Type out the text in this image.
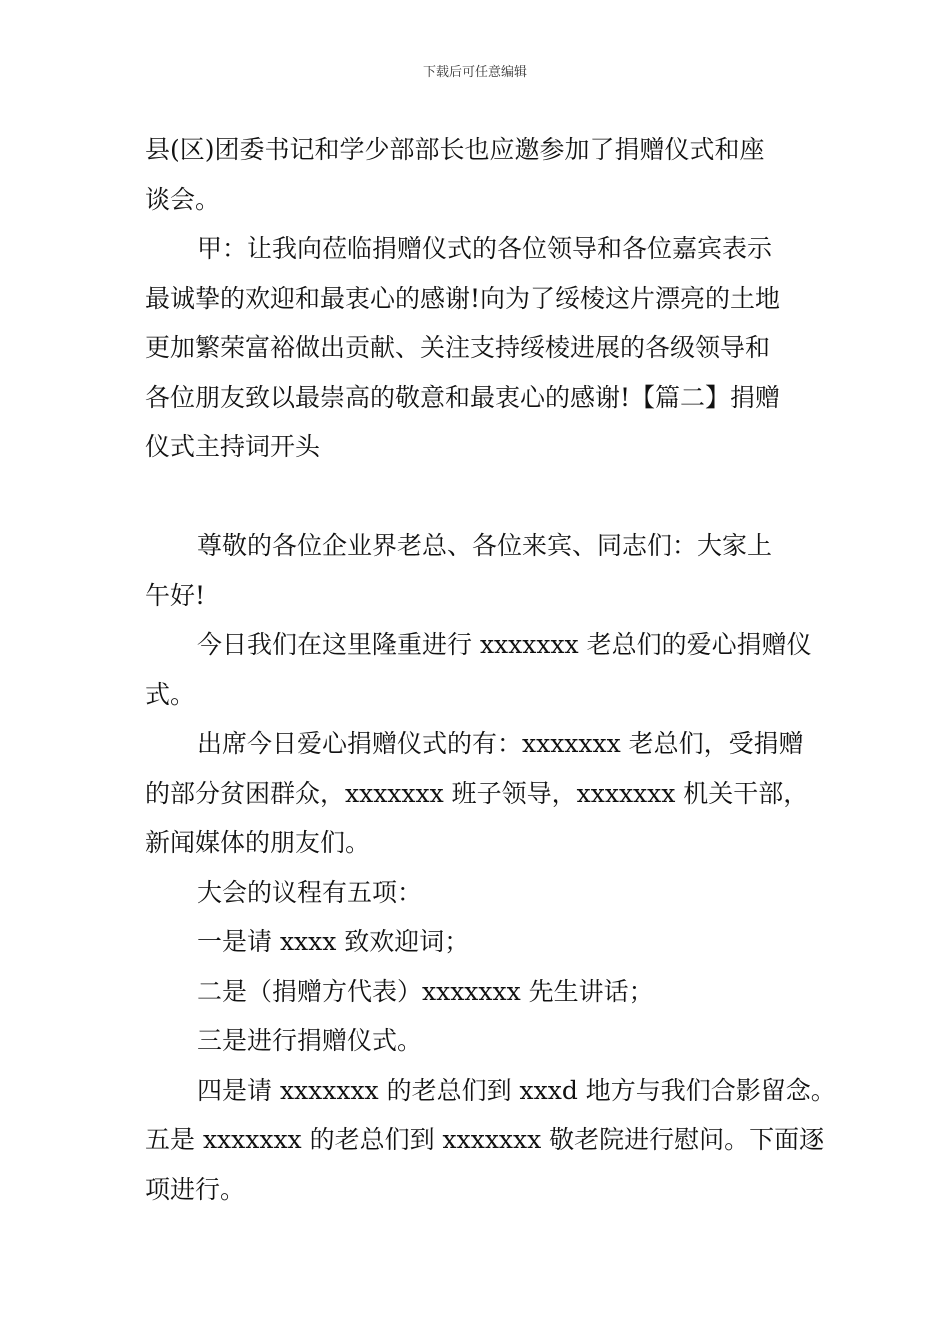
下载后可任意编辑
县(区)团委书记和学少部部长也应邀参加了捐赠仪式和座
谈会。
甲：让我向莅临捐赠仪式的各位领导和各位嘉宾表示
最诚挚的欢迎和最衷心的感谢!向为了绥棱这片漂亮的土地
更加繁荣富裕做出贡献、关注支持绥棱进展的各级领导和
各位朋友致以最崇高的敬意和最衷心的感谢!【篇二】捐赠
仪式主持词开头
尊敬的各位企业界老总、各位来宾、同志们：大家上
午好!
今日我们在这里隆重进行 xxxxxxx 老总们的爱心捐赠仪
式。
出席今日爱心捐赠仪式的有：xxxxxxx 老总们，受捐赠
的部分贫困群众，xxxxxxx 班子领导，xxxxxxx 机关干部，
新闻媒体的朋友们。
大会的议程有五项：
一是请 xxxx 致欢迎词；
二是（捐赠方代表）xxxxxxx 先生讲话；
三是进行捐赠仪式。
四是请 xxxxxxx 的老总们到 xxxd 地方与我们合影留念。
五是 xxxxxxx 的老总们到 xxxxxxx 敬老院进行慰问。下面逐
项进行。
